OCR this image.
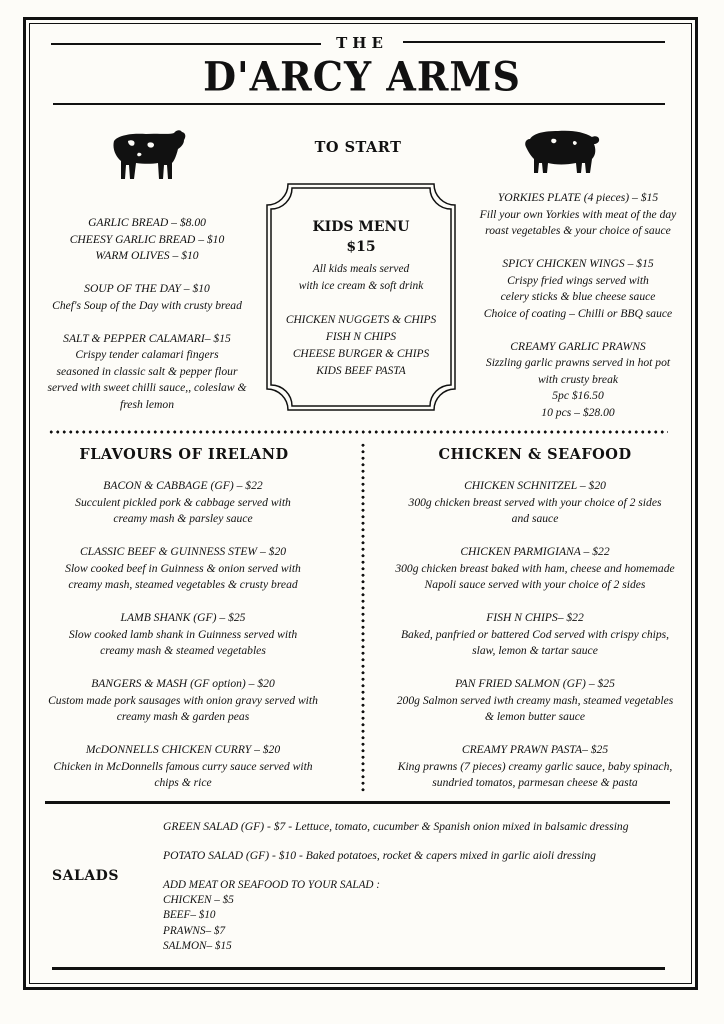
THE
D'ARCY ARMS
TO START
GARLIC BREAD – $8.00
CHEESY GARLIC BREAD – $10
WARM OLIVES – $10
SOUP OF THE DAY – $10
Chef's Soup of the Day with crusty bread
SALT & PEPPER CALAMARI– $15
Crispy tender calamari fingers
seasoned in classic salt & pepper flour
served with sweet chilli sauce,, coleslaw &
fresh lemon
KIDS MENU
$15
All kids meals served
with ice cream & soft drink
CHICKEN NUGGETS & CHIPS
FISH N CHIPS
CHEESE BURGER & CHIPS
KIDS BEEF PASTA
YORKIES PLATE (4 pieces) – $15
Fill your own Yorkies with meat of the day
roast vegetables & your choice of sauce
SPICY CHICKEN WINGS – $15
Crispy fried wings served with
celery sticks & blue cheese sauce
Choice of coating – Chilli or BBQ sauce
CREAMY GARLIC PRAWNS
Sizzling garlic prawns served in hot pot
with crusty break
5pc $16.50
10 pcs – $28.00
FLAVOURS OF IRELAND
BACON & CABBAGE (GF) – $22
Succulent pickled pork & cabbage served with
creamy mash & parsley sauce
CLASSIC BEEF & GUINNESS STEW – $20
Slow cooked beef in Guinness & onion served with
creamy mash, steamed vegetables & crusty bread
LAMB SHANK (GF) – $25
Slow cooked lamb shank in Guinness served with
creamy mash & steamed vegetables
BANGERS & MASH (GF option) – $20
Custom made pork sausages with onion gravy served with
creamy mash & garden peas
McDONNELLS CHICKEN CURRY – $20
Chicken in McDonnells famous curry sauce served with
chips & rice
CHICKEN & SEAFOOD
CHICKEN SCHNITZEL – $20
300g chicken breast served with your choice of 2 sides
and sauce
CHICKEN PARMIGIANA – $22
300g chicken breast baked with ham, cheese and homemade
Napoli sauce served with your choice of 2 sides
FISH N CHIPS– $22
Baked, panfried or battered Cod served with crispy chips,
slaw, lemon & tartar sauce
PAN FRIED SALMON (GF) – $25
200g Salmon served iwth creamy mash, steamed vegetables
& lemon butter sauce
CREAMY PRAWN PASTA– $25
King prawns (7 pieces) creamy garlic sauce, baby spinach,
sundried tomatos, parmesan cheese & pasta
GREEN SALAD (GF) - $7 - Lettuce, tomato, cucumber & Spanish onion mixed in balsamic dressing
POTATO SALAD (GF) - $10 - Baked potatoes, rocket & capers mixed in garlic aioli dressing
SALADS
ADD MEAT OR SEAFOOD TO YOUR SALAD :
CHICKEN – $5
BEEF– $10
PRAWNS– $7
SALMON– $15
